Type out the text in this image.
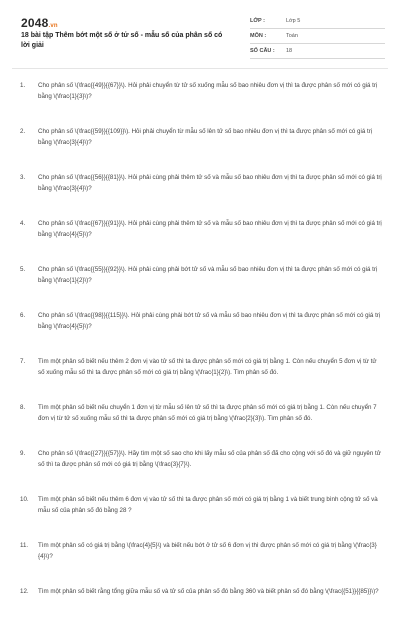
2048.vn
18 bài tập Thêm bớt một số ở tử số - mẫu số của phân số có lời giải
LỚP :	Lớp 5
MÔN :	Toán
SỐ CÂU :	18
1.	Cho phân số \(\frac{{49}}{{67}}\). Hỏi phải chuyển từ tử số xuống mẫu số bao nhiêu đơn vị thì ta được phân số mới có giá trị bằng \(\frac{1}{3}\)?
2.	Cho phân số \(\frac{{59}}{{109}}\). Hỏi phải chuyển từ mẫu số lên tử số bao nhiêu đơn vị thì ta được phân số mới có giá trị bằng \(\frac{3}{4}\)?
3.	Cho phân số \(\frac{{56}}{{81}}\). Hỏi phải cùng phải thêm tử số và mẫu số bao nhiêu đơn vị thì ta được phân số mới có giá trị bằng \(\frac{3}{4}\)?
4.	Cho phân số \(\frac{{67}}{{91}}\). Hỏi phải cùng phải thêm tử số và mẫu số bao nhiêu đơn vị thì ta được phân số mới có giá trị bằng \(\frac{4}{5}\)?
5.	Cho phân số \(\frac{{55}}{{92}}\). Hỏi phải cùng phải bớt tử số và mẫu số bao nhiêu đơn vị thì ta được phân số mới có giá trị bằng \(\frac{1}{2}\)?
6.	Cho phân số \(\frac{{98}}{{115}}\). Hỏi phải cùng phải bớt tử số và mẫu số bao nhiêu đơn vị thì ta được phân số mới có giá trị bằng \(\frac{4}{5}\)?
7.	Tìm một phân số biết nếu thêm 2 đơn vị vào tử số thì ta được phân số mới có giá trị bằng 1. Còn nếu chuyển 5 đơn vị từ tử số xuống mẫu số thì ta được phân số mới có giá trị bằng \(\frac{1}{2}\). Tìm phân số đó.
8.	Tìm một phân số biết nếu chuyển 1 đơn vị từ mẫu số lên tử số thì ta được phân số mới có giá trị bằng 1. Còn nếu chuyển 7 đơn vị từ tử số xuống mẫu số thì ta được phân số mới có giá trị bằng \(\frac{2}{3}\). Tìm phân số đó.
9.	Cho phân số \(\frac{{27}}{{57}}\). Hãy tìm một số sao cho khi lấy mẫu số của phân số đã cho cộng với số đó và giữ nguyên tử số thì ta được phân số mới có giá trị bằng \(\frac{3}{7}\).
10.	Tìm một phân số biết nếu thêm 6 đơn vị vào tử số thì ta được phân số mới có giá trị bằng 1 và biết trung bình cộng tử số và mẫu số của phân số đó bằng 28 ?
11.	Tìm một phân số có giá trị bằng \(\frac{4}{5}\) và biết nếu bớt ở tử số 6 đơn vị thì được phân số mới có giá trị bằng \(\frac{3}{4}\)?
12.	Tìm một phân số biết rằng tổng giữa mẫu số và tử số của phân số đó bằng 360 và biết phân số đó bằng \(\frac{{51}}{{85}}\)?
